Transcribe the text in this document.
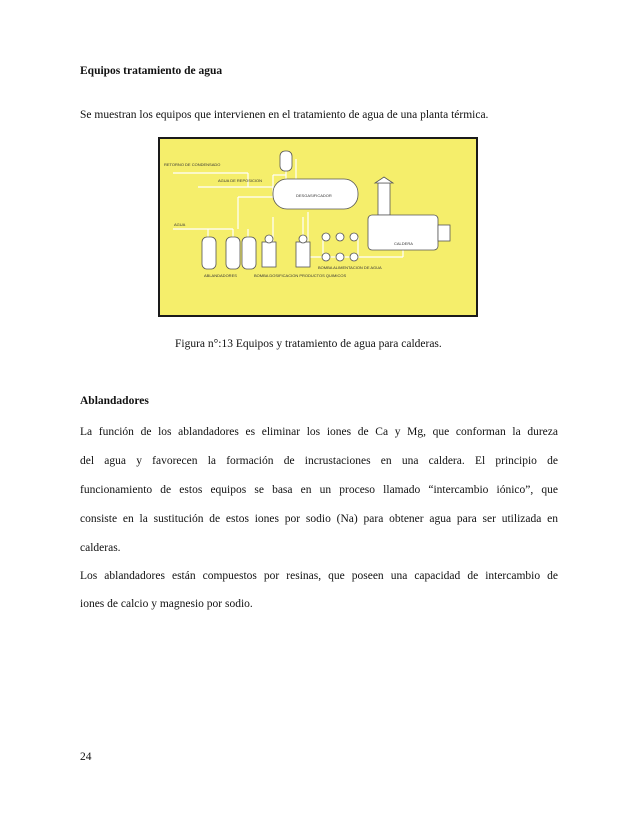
Equipos tratamiento de agua
Se muestran los equipos que intervienen en el tratamiento de agua de una planta térmica.
RETORNO DE CONDENSADO
AGUA DE REPOSICION
AGUA
DESGASIFICADOR
ABLANDADORES	BOMBA DOSIFICACION PRODUCTOS QUIMICOS
BOMBA ALIMENTACION DE AGUA
CALDERA
Figura n°:13 Equipos y tratamiento de agua para calderas.
Ablandadores
La función de los ablandadores es eliminar los iones de Ca y Mg, que conforman la dureza
del agua y favorecen la formación de incrustaciones en una caldera. El principio de
funcionamiento de estos equipos se basa en un proceso llamado “intercambio iónico”, que
consiste en la sustitución de estos iones por sodio (Na) para obtener agua para ser utilizada en
calderas.
Los ablandadores están compuestos por resinas, que poseen una capacidad de intercambio de
iones de calcio y magnesio por sodio.
24
